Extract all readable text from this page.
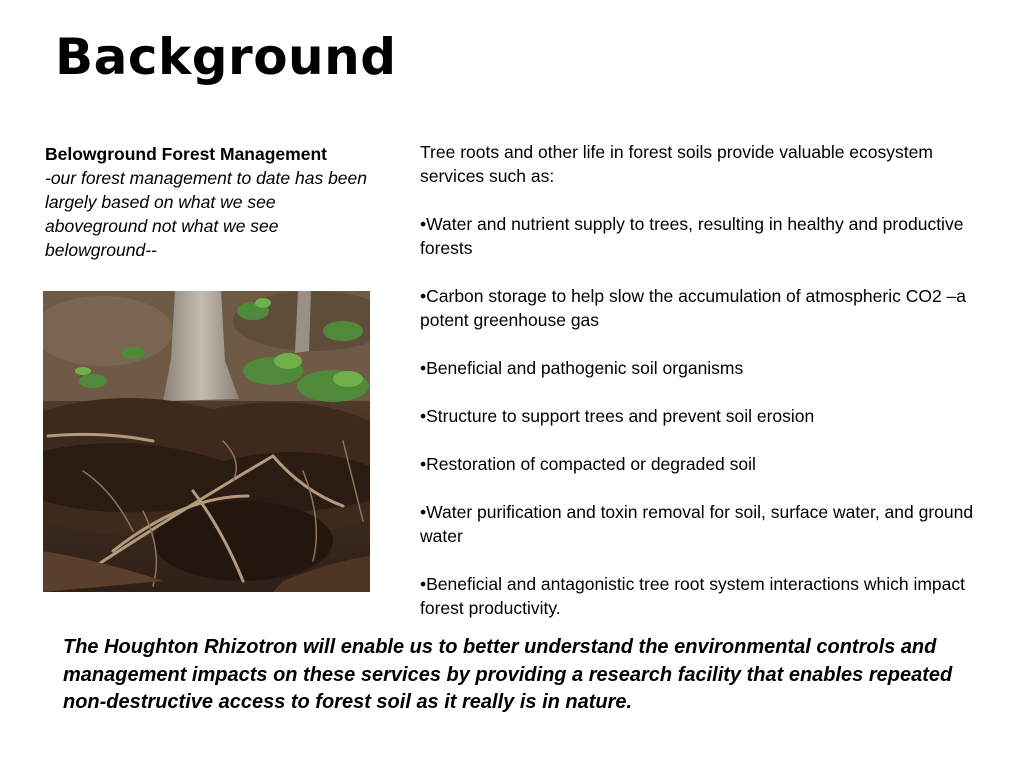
Background
Belowground Forest Management
-our forest management to date has been largely based on what we see aboveground not what we see belowground--

Tree roots and other life in forest soils provide valuable ecosystem services such as:

•Water and nutrient supply to trees, resulting in healthy and productive forests

•Carbon storage to help slow the accumulation of atmospheric CO2 –a potent greenhouse gas

•Beneficial and pathogenic soil organisms

•Structure to support trees and prevent soil erosion

•Restoration of compacted or degraded soil

•Water purification and toxin removal for soil, surface water, and ground water

•Beneficial and antagonistic tree root system interactions which impact forest productivity.

The Houghton Rhizotron will enable us to better understand the environmental controls and management impacts on these services by providing a research facility that enables repeated non-destructive access to forest soil as it really is in nature.
